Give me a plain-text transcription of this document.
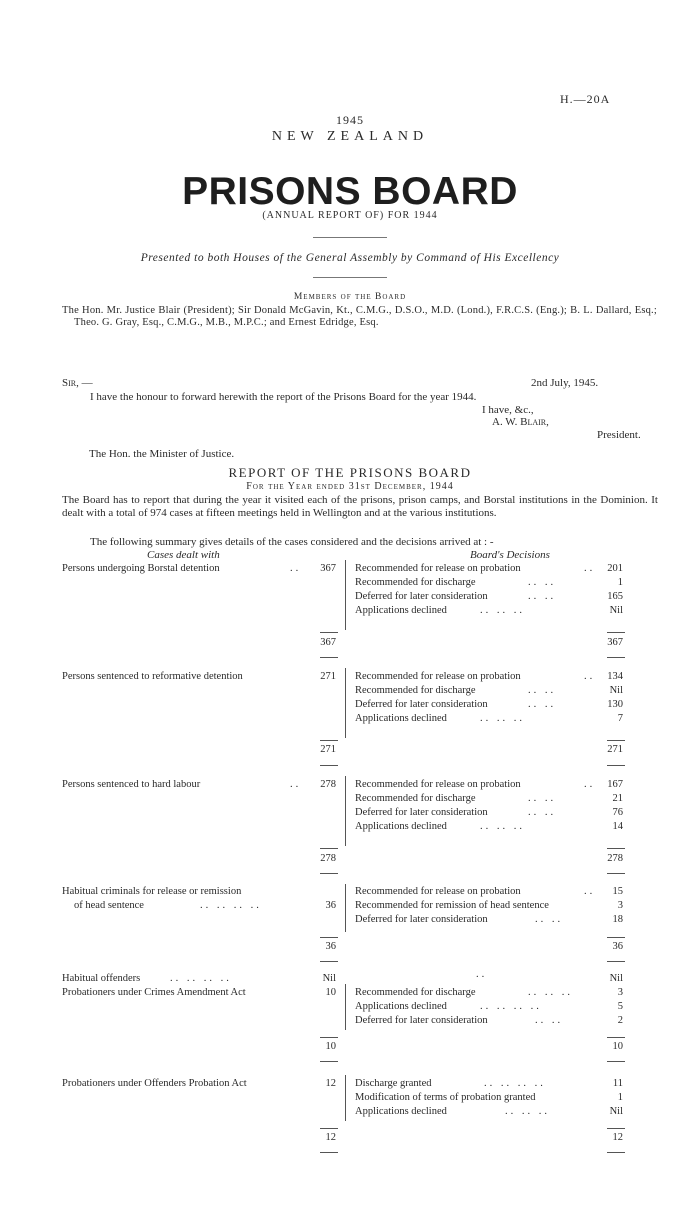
H.—20A
1945
NEW ZEALAND
PRISONS BOARD
(ANNUAL REPORT OF) FOR 1944
Presented to both Houses of the General Assembly by Command of His Excellency
Members of the Board
The Hon. Mr. Justice Blair (President); Sir Donald McGavin, Kt., C.M.G., D.S.O., M.D. (Lond.), F.R.C.S. (Eng.); B. L. Dallard, Esq.; Theo. G. Gray, Esq., C.M.G., M.B., M.P.C.; and Ernest Edridge, Esq.
Sir, —	2nd July, 1945.
I have the honour to forward herewith the report of the Prisons Board for the year 1944.
I have, &c.,
A. W. Blair,
President.
The Hon. the Minister of Justice.
REPORT OF THE PRISONS BOARD
For the Year ended 31st December, 1944
The Board has to report that during the year it visited each of the prisons, prison camps, and Borstal institutions in the Dominion. It dealt with a total of 974 cases at fifteen meetings held in Wellington and at the various institutions.
The following summary gives details of the cases considered and the decisions arrived at : -
Cases dealt with	Board's Decisions
Persons undergoing Borstal detention	..	367 Recommended for release on probation	..	201
Recommended for discharge	.. ..	1
Deferred for later consideration	.. ..	165
Applications declined	.. .. ..	Nil
367	367
Persons sentenced to reformative detention	271 Recommended for release on probation	..	134
Recommended for discharge	.. ..	Nil
Deferred for later consideration	.. ..	130
Applications declined	.. .. ..	7
271	271
Persons sentenced to hard labour	..	278 Recommended for release on probation	..	167
Recommended for discharge	.. ..	21
Deferred for later consideration	.. ..	76
Applications declined	.. .. ..	14
278	278
Habitual criminals for release or remission
of head sentence	.. .. .. ..	36
Recommended for release on probation	..	15
Recommended for remission of head sentence	3
Deferred for later consideration	.. ..	18
36	36
Habitual offenders	.. .. .. ..	Nil	..	Nil
Probationers under Crimes Amendment Act	10 Recommended for discharge	.. .. ..	3
Applications declined	.. .. .. ..	5
Deferred for later consideration	.. ..	2
10	10
Probationers under Offenders Probation Act	12 Discharge granted	.. .. .. ..	11
Modification of terms of probation granted	1
Applications declined	.. .. ..	Nil
12	12
